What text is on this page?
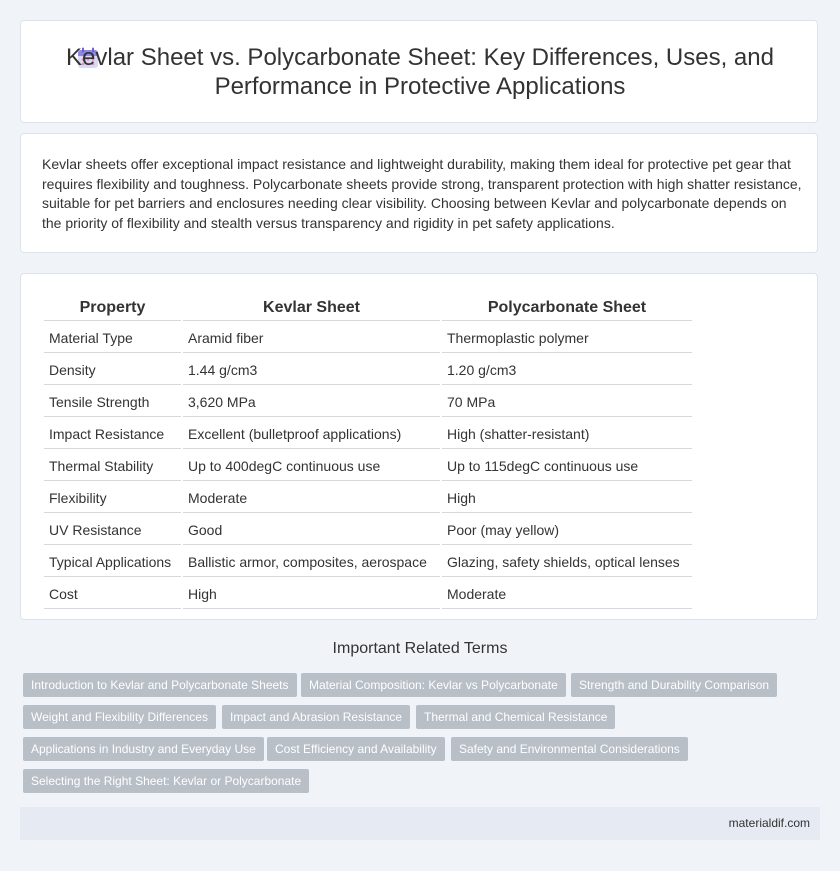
Kevlar Sheet vs. Polycarbonate Sheet: Key Differences, Uses, and Performance in Protective Applications

Kevlar sheets offer exceptional impact resistance and lightweight durability, making them ideal for protective pet gear that requires flexibility and toughness. Polycarbonate sheets provide strong, transparent protection with high shatter resistance, suitable for pet barriers and enclosures needing clear visibility. Choosing between Kevlar and polycarbonate depends on the priority of flexibility and stealth versus transparency and rigidity in pet safety applications.

Property	Kevlar Sheet	Polycarbonate Sheet
Material Type	Aramid fiber	Thermoplastic polymer
Density	1.44 g/cm3	1.20 g/cm3
Tensile Strength	3,620 MPa	70 MPa
Impact Resistance	Excellent (bulletproof applications)	High (shatter-resistant)
Thermal Stability	Up to 400degC continuous use	Up to 115degC continuous use
Flexibility	Moderate	High
UV Resistance	Good	Poor (may yellow)
Typical Applications	Ballistic armor, composites, aerospace	Glazing, safety shields, optical lenses
Cost	High	Moderate
Important Related Terms
Introduction to Kevlar and Polycarbonate Sheets	Material Composition: Kevlar vs Polycarbonate	Strength and Durability Comparison
Weight and Flexibility Differences	Impact and Abrasion Resistance	Thermal and Chemical Resistance
Applications in Industry and Everyday Use	Cost Efficiency and Availability	Safety and Environmental Considerations
Selecting the Right Sheet: Kevlar or Polycarbonate
materialdif.com
